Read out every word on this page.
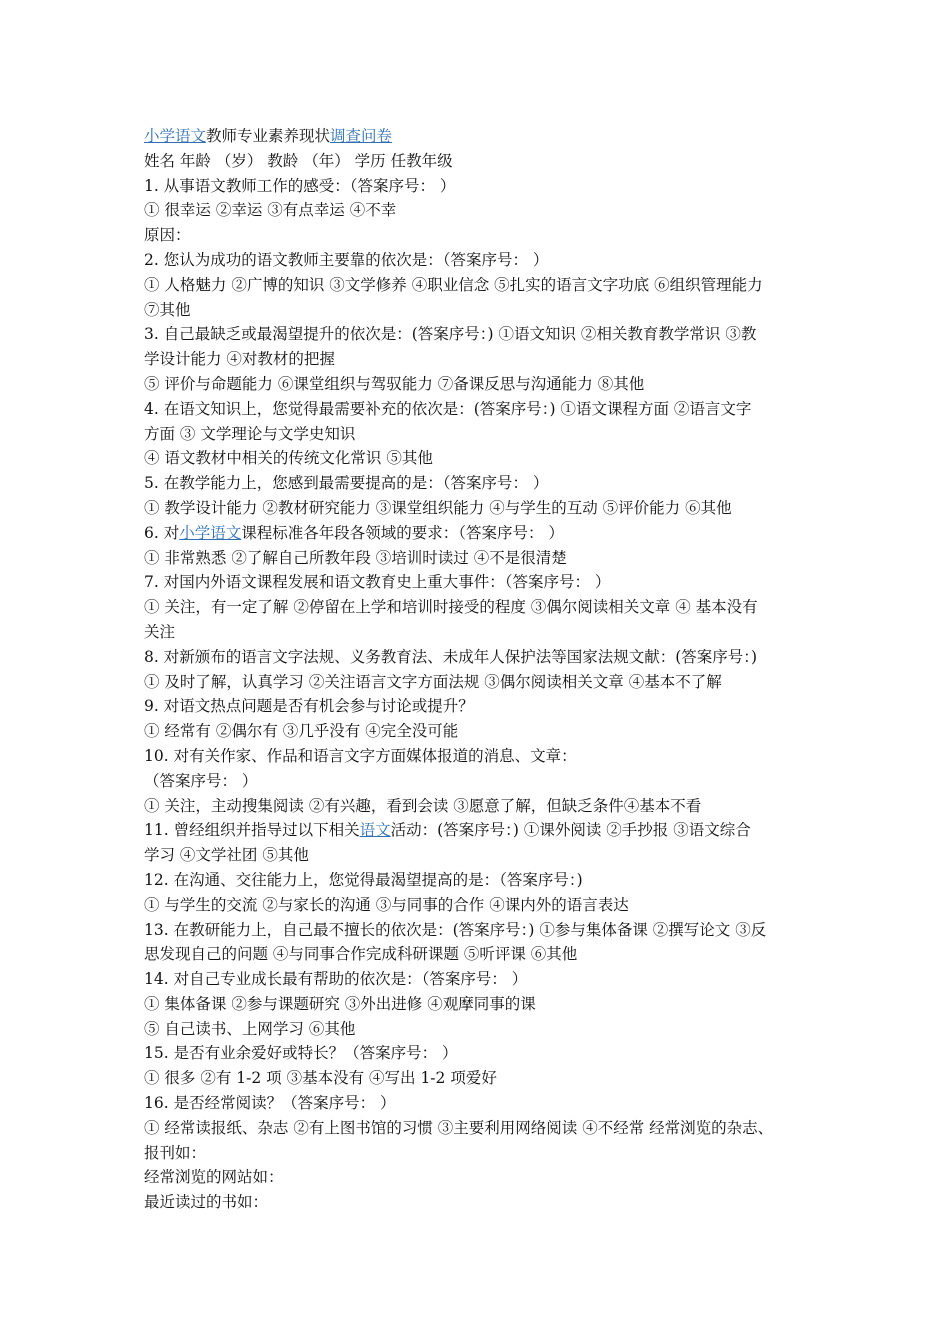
小学语文教师专业素养现状调查问卷
姓名 年龄 （岁） 教龄 （年） 学历 任教年级
1. 从事语文教师工作的感受：（答案序号： ）
① 很幸运 ②幸运 ③有点幸运 ④不幸
原因：
2. 您认为成功的语文教师主要靠的依次是：（答案序号： ）
① 人格魅力 ②广博的知识 ③文学修养 ④职业信念 ⑤扎实的语言文字功底 ⑥组织管理能力
⑦其他
3. 自己最缺乏或最渴望提升的依次是：(答案序号：) ①语文知识 ②相关教育教学常识 ③教
学设计能力 ④对教材的把握
⑤ 评价与命题能力 ⑥课堂组织与驾驭能力 ⑦备课反思与沟通能力 ⑧其他
4. 在语文知识上，您觉得最需要补充的依次是：(答案序号：) ①语文课程方面 ②语言文字
方面 ③ 文学理论与文学史知识
④ 语文教材中相关的传统文化常识 ⑤其他
5. 在教学能力上，您感到最需要提高的是：（答案序号： ）
① 教学设计能力 ②教材研究能力 ③课堂组织能力 ④与学生的互动 ⑤评价能力 ⑥其他
6. 对小学语文课程标准各年段各领域的要求：（答案序号： ）
① 非常熟悉 ②了解自己所教年段 ③培训时读过 ④不是很清楚
7. 对国内外语文课程发展和语文教育史上重大事件：（答案序号： ）
① 关注，有一定了解 ②停留在上学和培训时接受的程度 ③偶尔阅读相关文章 ④ 基本没有
关注
8. 对新颁布的语言文字法规、义务教育法、未成年人保护法等国家法规文献：(答案序号：)
① 及时了解，认真学习 ②关注语言文字方面法规 ③偶尔阅读相关文章 ④基本不了解
9. 对语文热点问题是否有机会参与讨论或提升？
① 经常有 ②偶尔有 ③几乎没有 ④完全没可能
10. 对有关作家、作品和语言文字方面媒体报道的消息、文章：
（答案序号： ）
① 关注，主动搜集阅读 ②有兴趣，看到会读 ③愿意了解，但缺乏条件④基本不看
11. 曾经组织并指导过以下相关语文活动：(答案序号：) ①课外阅读 ②手抄报 ③语文综合
学习 ④文学社团 ⑤其他
12. 在沟通、交往能力上，您觉得最渴望提高的是：（答案序号：)
① 与学生的交流 ②与家长的沟通 ③与同事的合作 ④课内外的语言表达
13. 在教研能力上，自己最不擅长的依次是：(答案序号：) ①参与集体备课 ②撰写论文 ③反
思发现自己的问题 ④与同事合作完成科研课题 ⑤听评课 ⑥其他
14. 对自己专业成长最有帮助的依次是：（答案序号： ）
① 集体备课 ②参与课题研究 ③外出进修 ④观摩同事的课
⑤ 自己读书、上网学习 ⑥其他
15. 是否有业余爱好或特长？（答案序号： ）
① 很多 ②有 1-2 项 ③基本没有 ④写出 1-2 项爱好
16. 是否经常阅读？（答案序号： ）
① 经常读报纸、杂志 ②有上图书馆的习惯 ③主要利用网络阅读 ④不经常 经常浏览的杂志、
报刊如：
经常浏览的网站如：
最近读过的书如：
